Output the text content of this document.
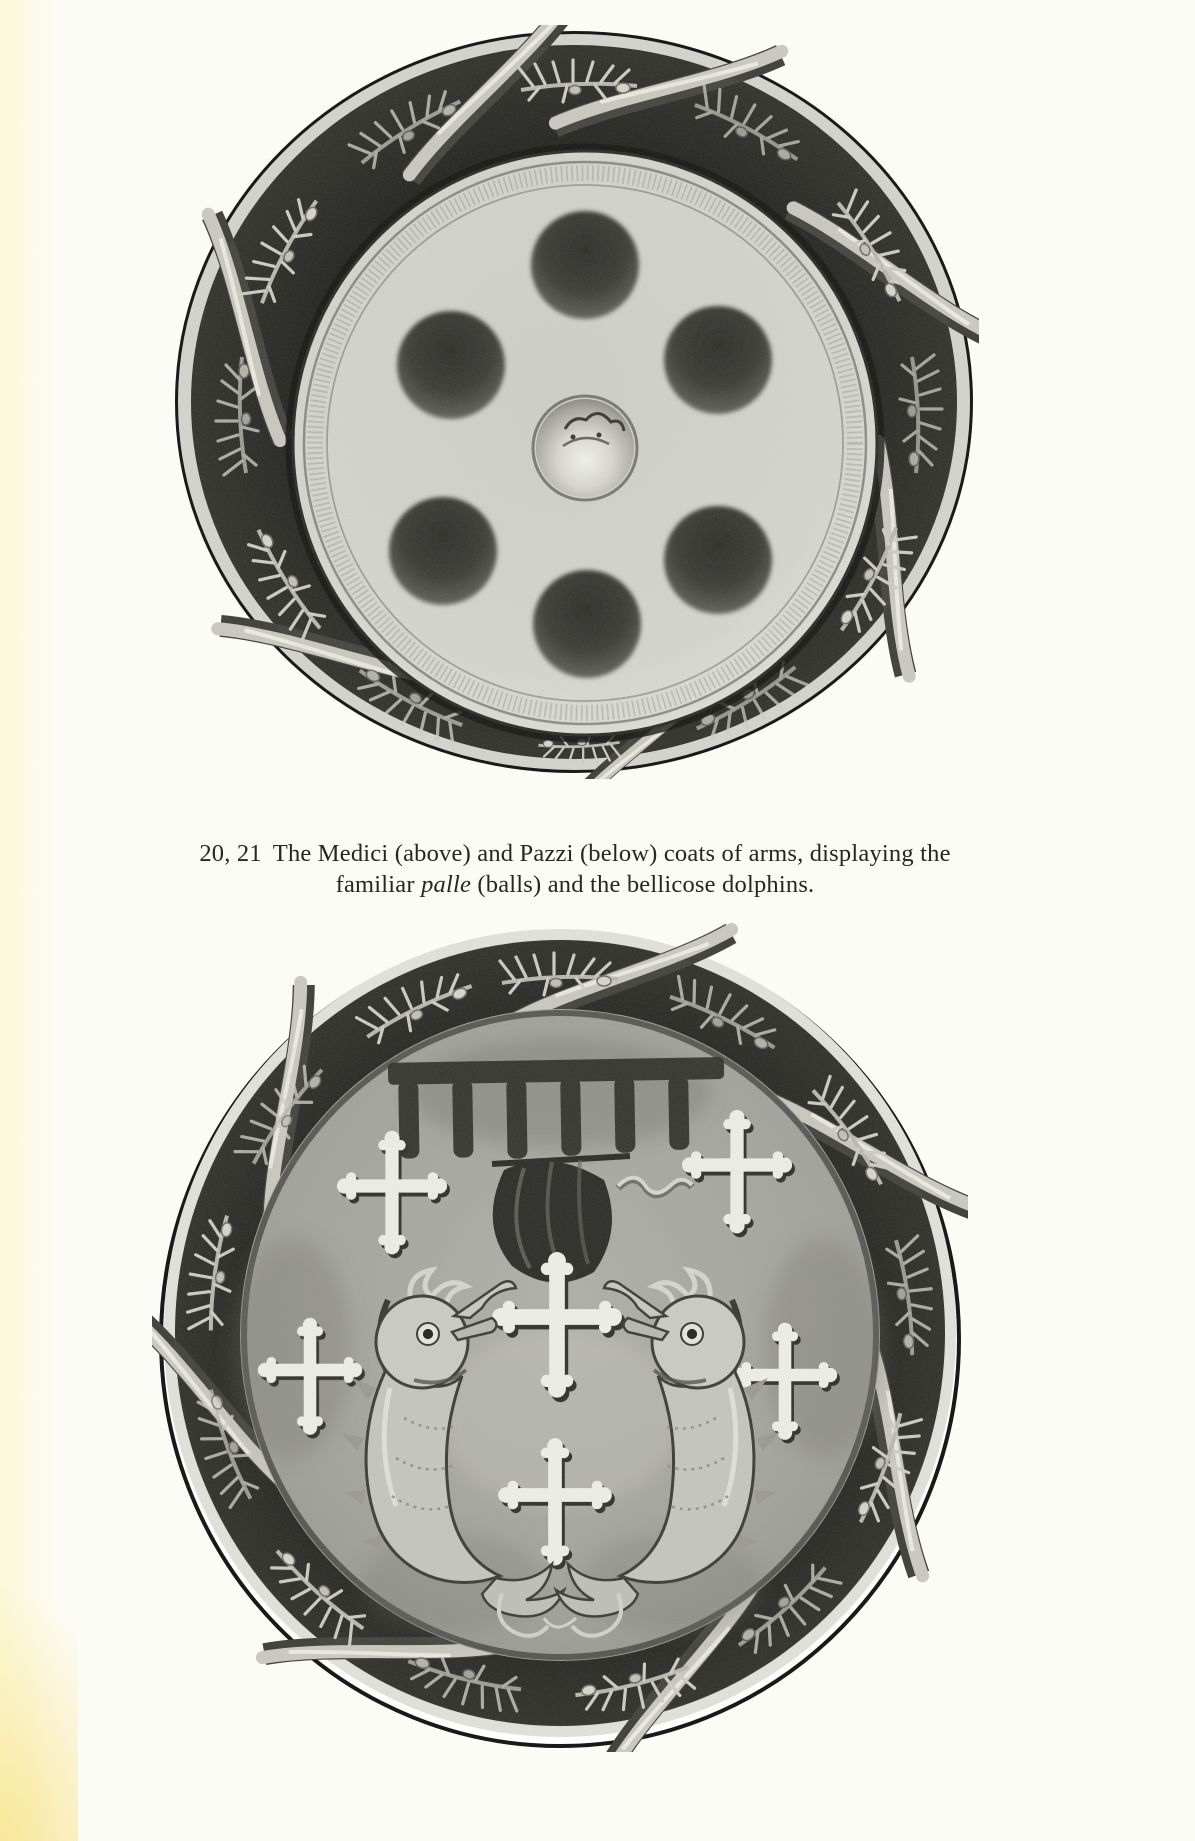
20, 21 The Medici (above) and Pazzi (below) coats of arms, displaying the
familiar palle (balls) and the bellicose dolphins.
